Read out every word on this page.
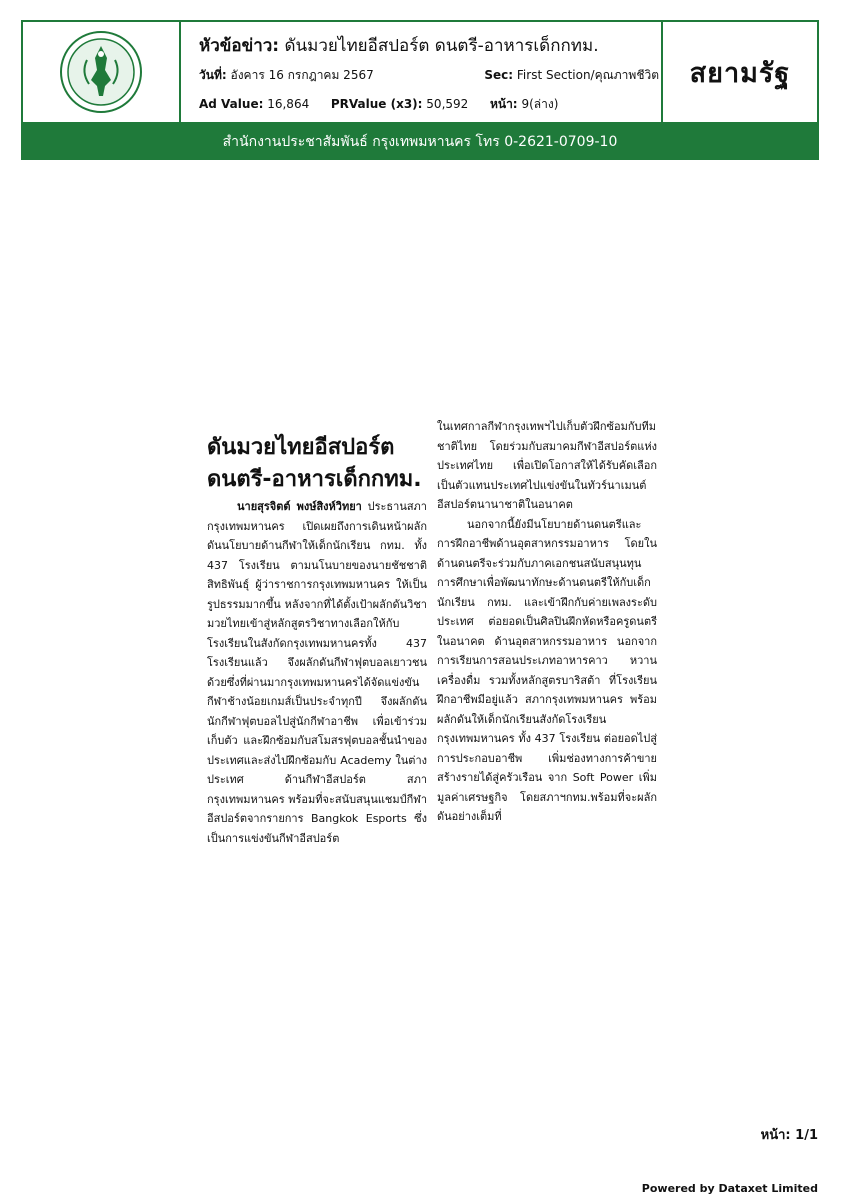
หัวข้อข่าว: ดันมวยไทยอีสปอร์ต ดนตรี-อาหารเด็กกทม.
วันที่: อังคาร 16 กรกฎาคม 2567	Sec: First Section/คุณภาพชีวิต
Ad Value: 16,864 PRValue (x3): 50,592 หน้า: 9(ล่าง)
สยามรัฐ
สำนักงานประชาสัมพันธ์ กรุงเทพมหานคร โทร 0-2621-0709-10
ดันมวยไทยอีสปอร์ต
ดนตรี-อาหารเด็กกทม.

นายสุรจิตต์ พงษ์สิงห์วิทยา ประธานสภากรุงเทพมหานคร เปิดเผยถึงการเดินหน้าผลักดันนโยบายด้านกีฬาให้เด็กนักเรียน กทม. ทั้ง 437 โรงเรียน ตามนโนบายของนายชัชชาติ สิทธิพันธุ์ ผู้ว่าราชการกรุงเทพมหานคร ให้เป็นรูปธรรมมากขึ้น หลังจากที่ได้ตั้งเป้าผลักดันวิชามวยไทยเข้าสู่หลักสูตรวิชาทางเลือกให้กับโรงเรียนในสังกัดกรุงเทพมหานครทั้ง 437 โรงเรียนแล้ว จึงผลักดันกีฬาฟุตบอลเยาวชนด้วยซึ่งที่ผ่านมากรุงเทพมหานครได้จัดแข่งขันกีฬาช้างน้อยเกมส์เป็นประจำทุกปี จึงผลักดันนักกีฬาฟุตบอลไปสู่นักกีฬาอาชีพ เพื่อเข้าร่วมเก็บตัว และฝึกซ้อมกับสโมสรฟุตบอลชั้นนำของประเทศและส่งไปฝึกซ้อมกับ Academy ในต่างประเทศ ด้านกีฬาอีสปอร์ต สภากรุงเทพมหานคร พร้อมที่จะสนับสนุนแชมป์กีฬาอีสปอร์ตจากรายการ Bangkok Esports ซึ่งเป็นการแข่งขันกีฬาอีสปอร์ต

ในเทศกาลกีฬากรุงเทพฯไปเก็บตัวฝึกซ้อมกับทีมชาติไทย โดยร่วมกับสมาคมกีฬาอีสปอร์ตแห่งประเทศไทย เพื่อเปิดโอกาสให้ได้รับคัดเลือกเป็นตัวแทนประเทศไปแข่งขันในทัวร์นาเมนต์อีสปอร์ตนานาชาติในอนาคต

นอกจากนี้ยังมีนโยบายด้านดนตรีและการฝึกอาชีพด้านอุตสาหกรรมอาหาร โดยในด้านดนตรีจะร่วมกับภาคเอกชนสนับสนุนทุนการศึกษาเพื่อพัฒนาทักษะด้านดนตรีให้กับเด็กนักเรียน กทม. และเข้าฝึกกับค่ายเพลงระดับประเทศ ต่อยอดเป็นศิลปินฝึกหัดหรือครูดนตรีในอนาคต ด้านอุตสาหกรรมอาหาร นอกจากการเรียนการสอนประเภทอาหารคาว หวาน เครื่องดื่ม รวมทั้งหลักสูตรบาริสต้า ที่โรงเรียนฝึกอาชีพมีอยู่แล้ว สภากรุงเทพมหานคร พร้อมผลักดันให้เด็กนักเรียนสังกัดโรงเรียนกรุงเทพมหานคร ทั้ง 437 โรงเรียน ต่อยอดไปสู่การประกอบอาชีพ เพิ่มช่องทางการค้าขาย สร้างรายได้สู่ครัวเรือน จาก Soft Power เพิ่มมูลค่าเศรษฐกิจ โดยสภาฯกทม.พร้อมที่จะผลักดันอย่างเต็มที่

หน้า: 1/1
Powered by Dataxet Limited
